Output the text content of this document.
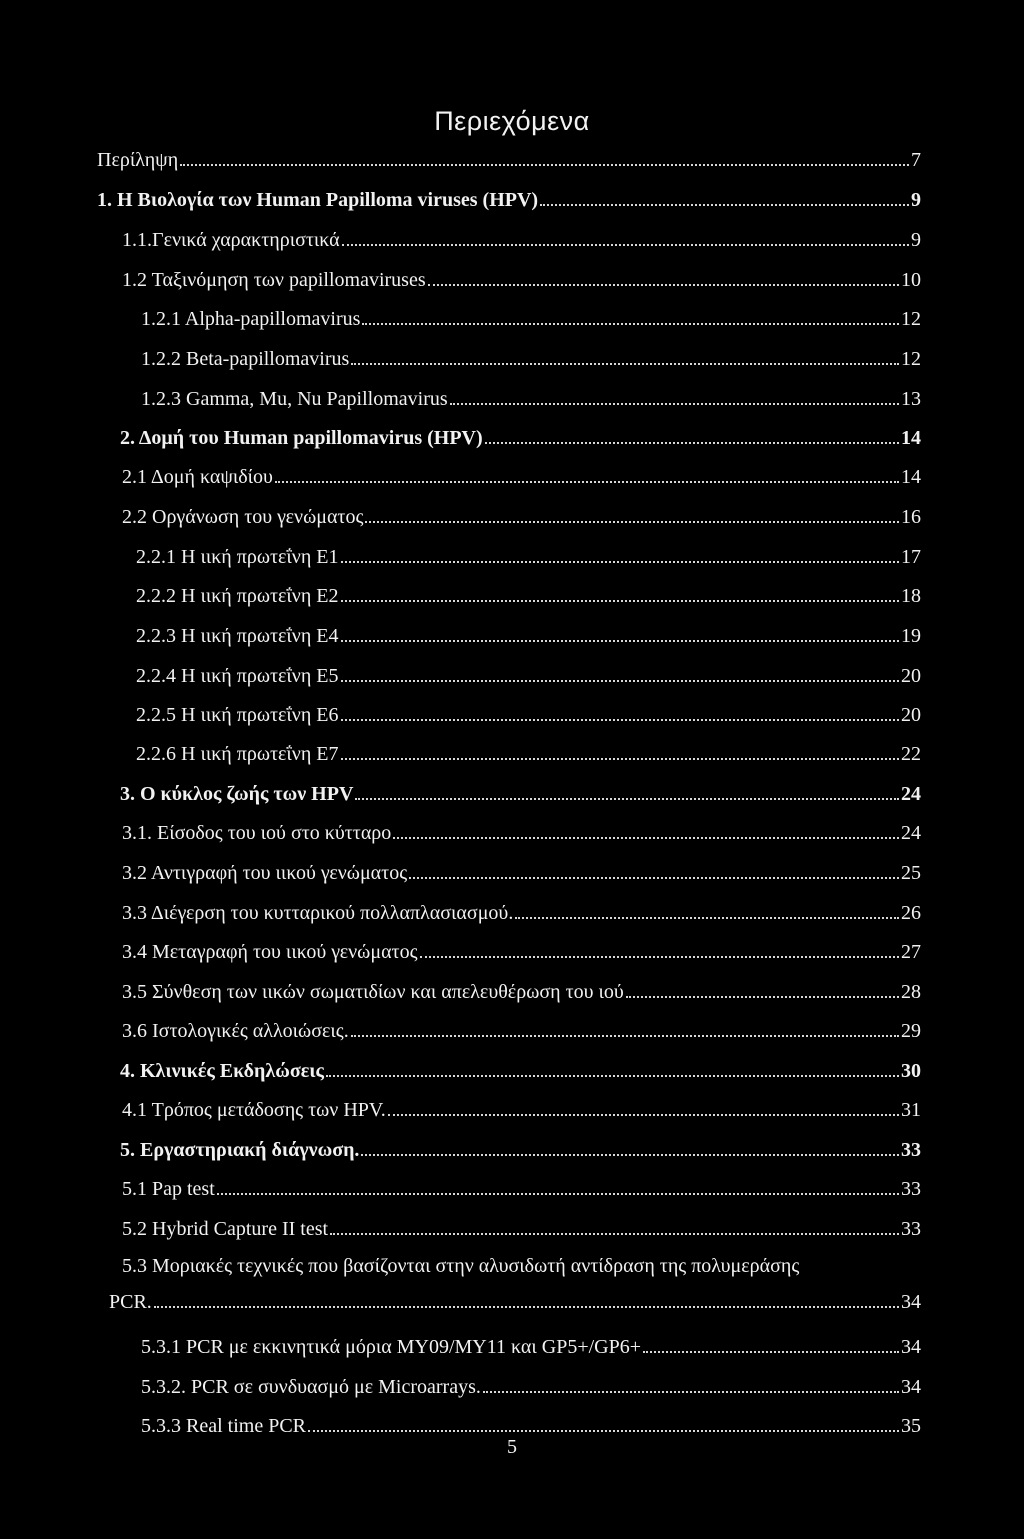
Περιεχόμενα
Περίληψη	7
1. Η Βιολογία των Human Papilloma viruses (HPV)	9
1.1.Γενικά χαρακτηριστικά	9
1.2 Ταξινόμηση των papillomaviruses	10
1.2.1 Alpha-papillomavirus	12
1.2.2 Beta-papillomavirus	12
1.2.3 Gamma, Mu, Nu Papillomavirus	13
2. Δομή του Human papillomavirus (HPV)	14
2.1 Δομή καψιδίου	14
2.2 Οργάνωση του γενώματος	16
2.2.1 Η ιική πρωτεΐνη Ε1	17
2.2.2 Η ιική πρωτεΐνη Ε2	18
2.2.3 Η ιική πρωτεΐνη Ε4	19
2.2.4 Η ιική πρωτεΐνη Ε5	20
2.2.5 Η ιική πρωτεΐνη Ε6	20
2.2.6 Η ιική πρωτεΐνη Ε7	22
3. Ο κύκλος ζωής των HPV	24
3.1. Είσοδος του ιού στο κύτταρο	24
3.2 Αντιγραφή του ιικού γενώματος	25
3.3 Διέγερση του κυτταρικού πολλαπλασιασμού.	26
3.4 Μεταγραφή του ιικού γενώματος	27
3.5 Σύνθεση των ιικών σωματιδίων και απελευθέρωση του ιού	28
3.6 Ιστολογικές αλλοιώσεις.	29
4. Κλινικές Εκδηλώσεις	30
4.1 Τρόπος μετάδοσης των HPV.	31
5. Εργαστηριακή διάγνωση.	33
5.1 Pap test	33
5.2 Hybrid Capture II test	33
5.3 Μοριακές τεχνικές που βασίζονται στην αλυσιδωτή αντίδραση της πολυμεράσης
PCR.	34
5.3.1 PCR με εκκινητικά μόρια MY09/MY11 και GP5+/GP6+	34
5.3.2. PCR σε συνδυασμό με Microarrays.	34
5.3.3 Real time PCR	35
5
